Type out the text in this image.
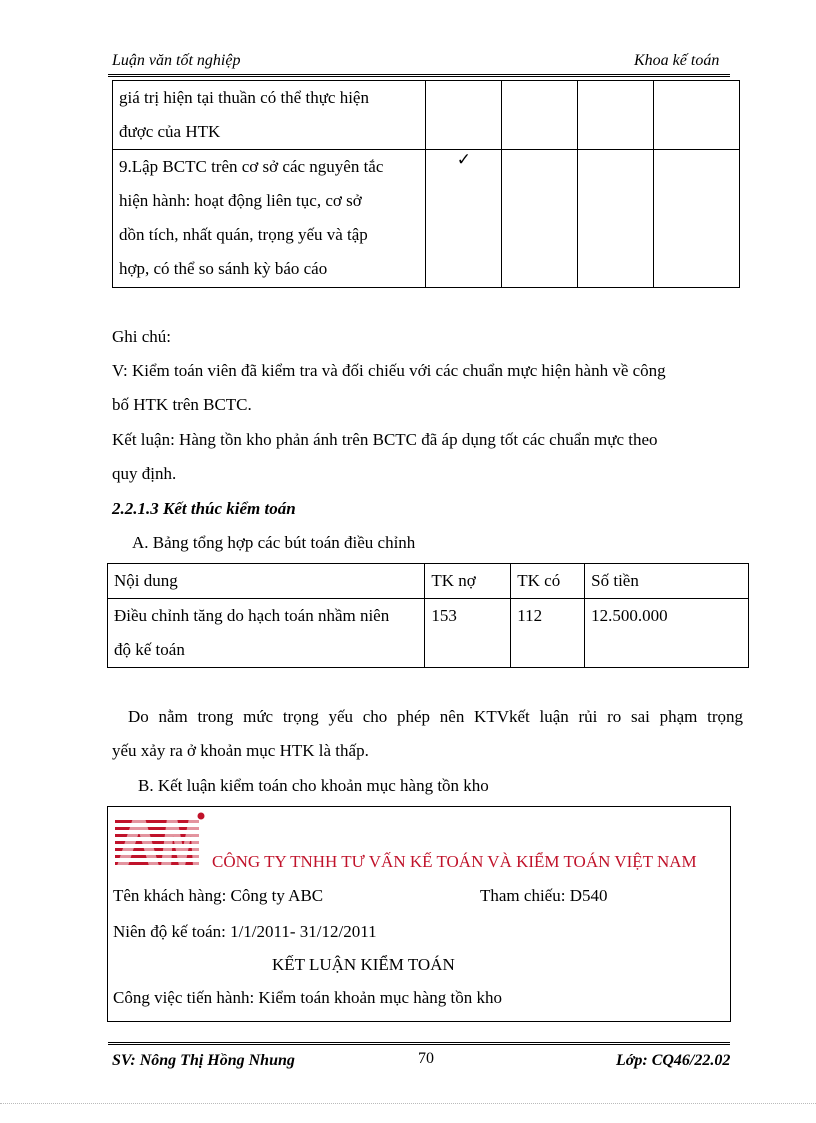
Luận văn tốt nghiệp	Khoa kế toán
giá trị hiện tại thuần có thể thực hiện
được của HTK				

9.Lập BCTC trên cơ sở các nguyên tắc
hiện hành: hoạt động liên tục, cơ sở
dồn tích, nhất quán, trọng yếu và tập
hợp, có thể so sánh kỳ báo cáo	✓			
Ghi chú:
V: Kiểm toán viên đã kiểm tra và đối chiếu với các chuẩn mực hiện hành về công
bố HTK trên BCTC.
Kết luận: Hàng tồn kho phản ánh trên BCTC đã áp dụng tốt các chuẩn mực theo
quy định.
2.2.1.3 Kết thúc kiểm toán
A. Bảng tổng hợp các bút toán điều chỉnh
Nội dung	TK nợ	TK có	Số tiền

Điều chỉnh tăng do hạch toán nhầm niên
độ kế toán	153	112	12.500.000
Do nằm trong mức trọng yếu cho phép nên KTVkết luận rủi ro sai phạm trọng
yếu xảy ra ở khoản mục HTK là thấp.
B. Kết luận kiểm toán cho khoản mục hàng tồn kho
CÔNG TY TNHH TƯ VẤN KẾ TOÁN VÀ KIỂM TOÁN VIỆT NAM
Tên khách hàng: Công ty ABC	Tham chiếu: D540
Niên độ kế toán: 1/1/2011- 31/12/2011
KẾT LUẬN KIỂM TOÁN
Công việc tiến hành: Kiểm toán khoản mục hàng tồn kho
SV: Nông Thị Hồng Nhung	70	Lớp: CQ46/22.02
